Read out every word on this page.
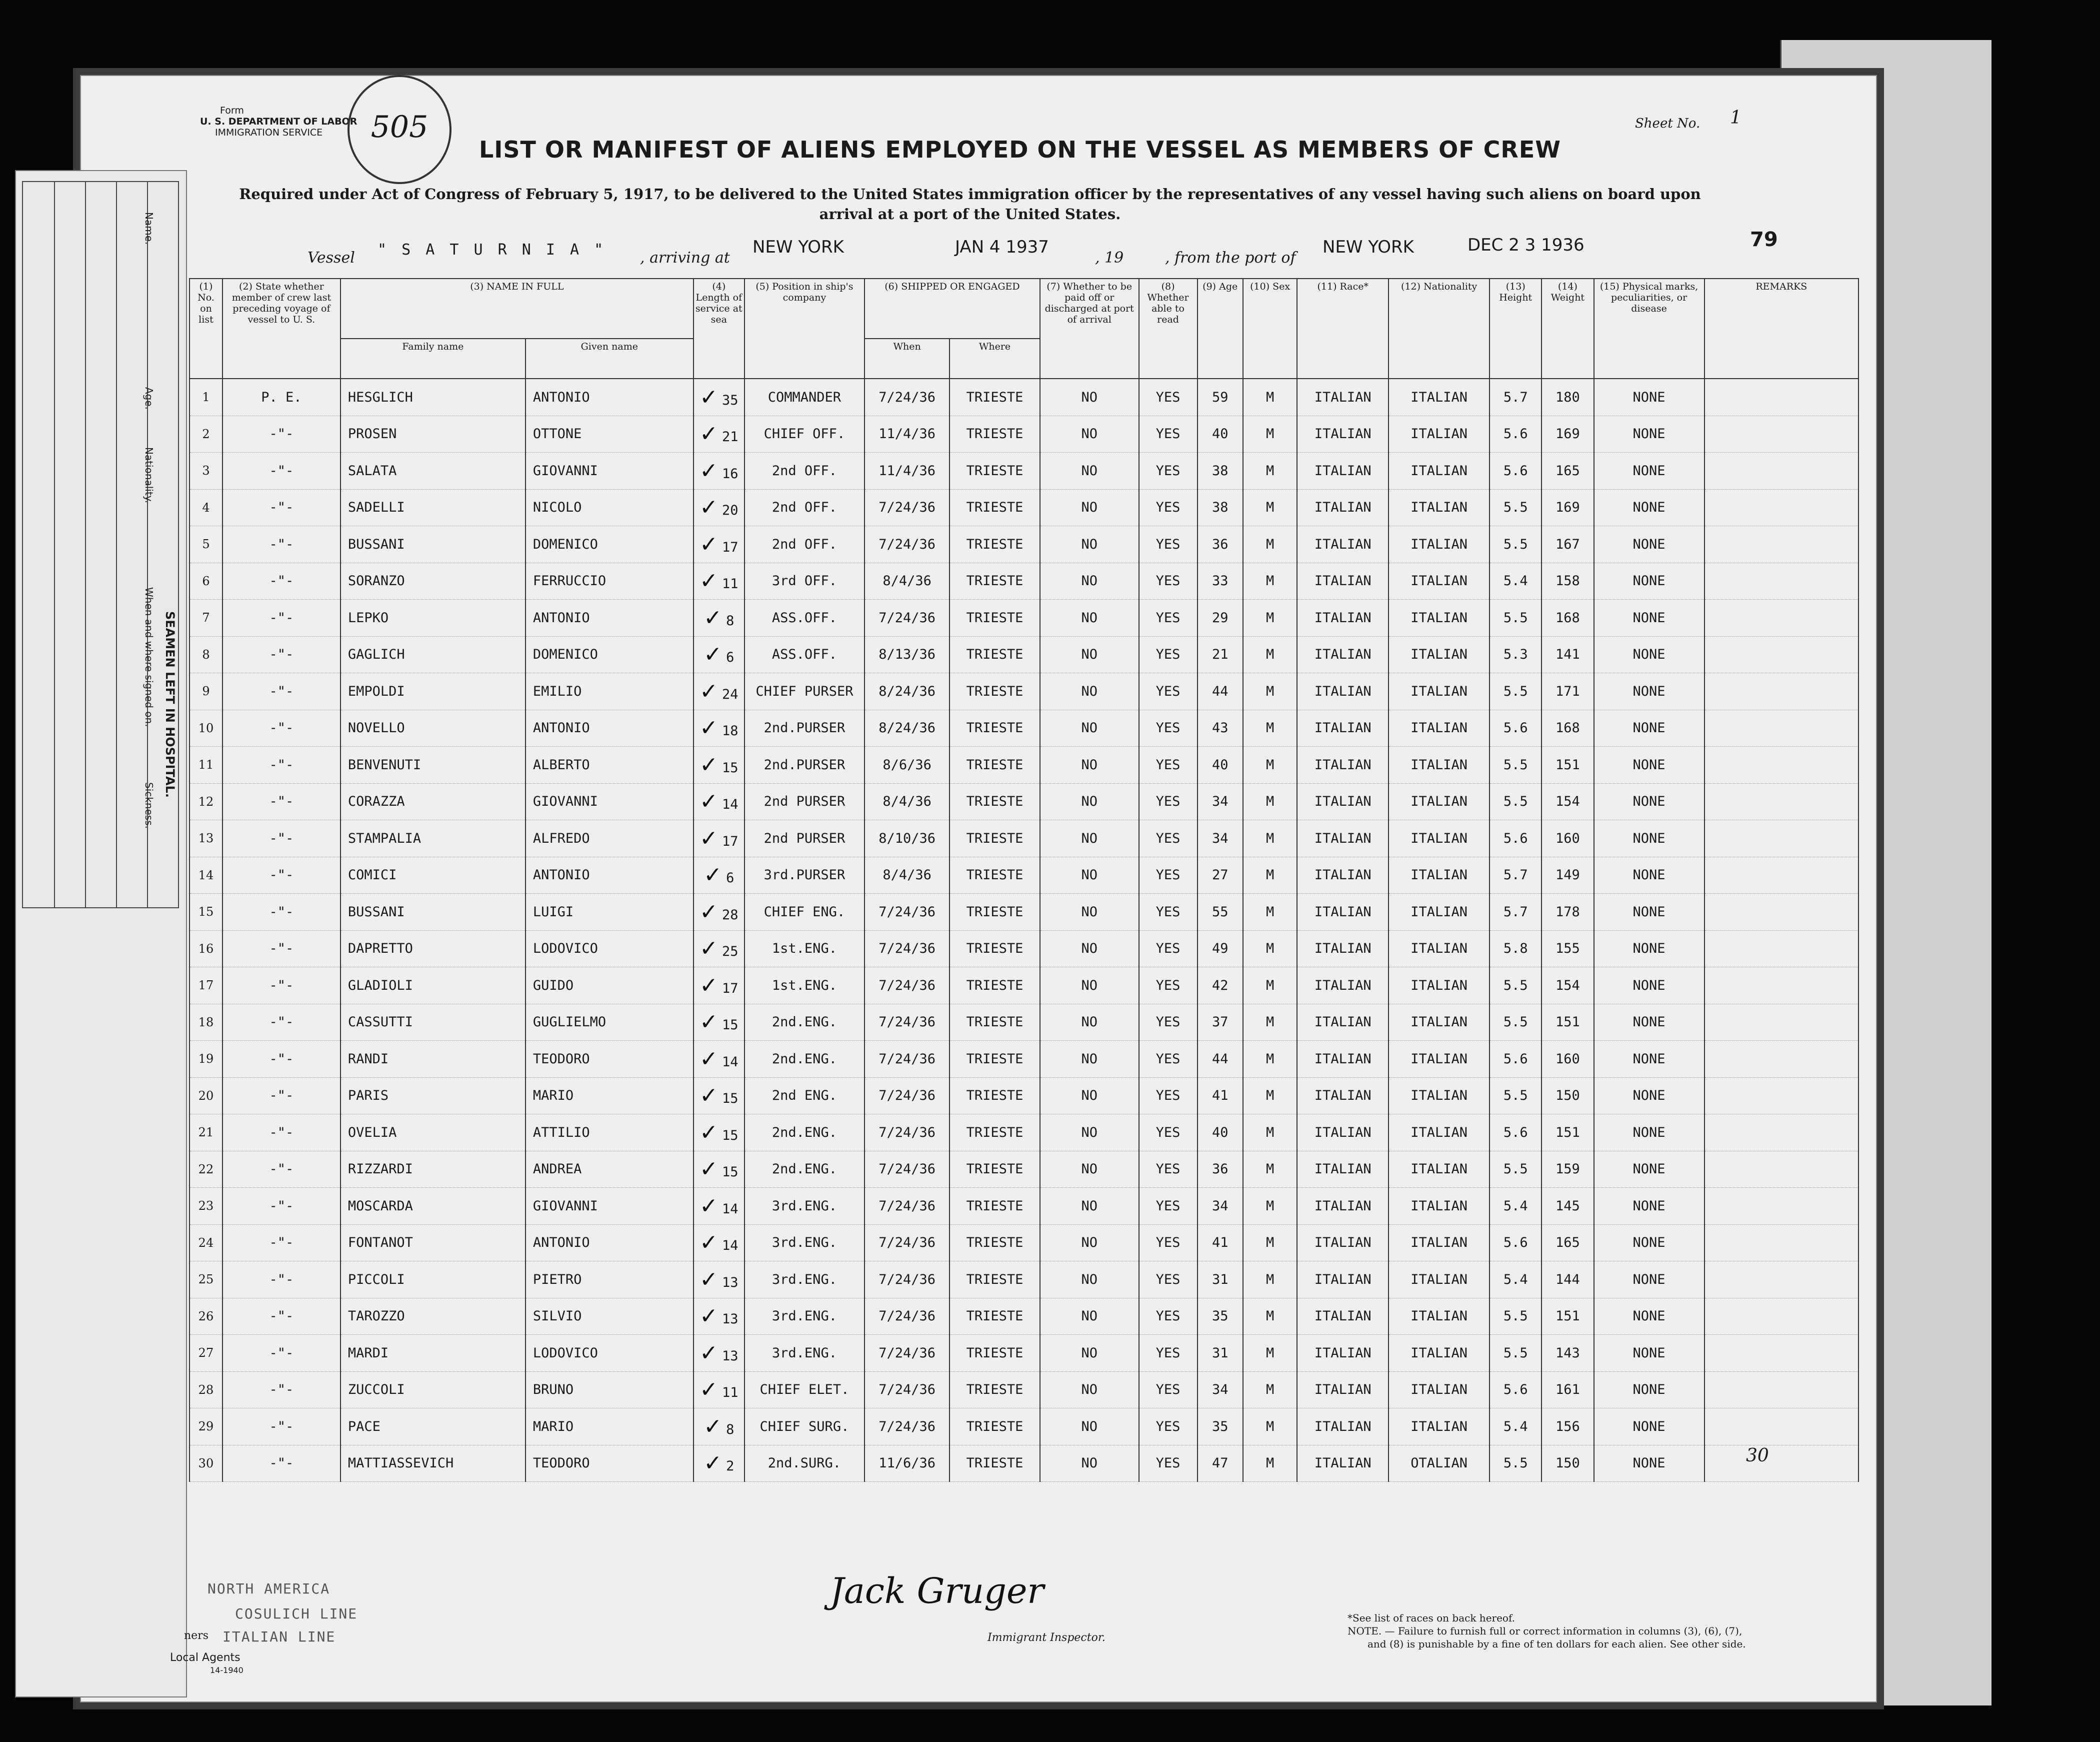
Name.
Age.
Nationality.
When and where signed on.
Sickness.
SEAMEN LEFT IN HOSPITAL.
Form
U. S. DEPARTMENT OF LABOR
IMMIGRATION SERVICE	505	Sheet No. 1
LIST OR MANIFEST OF ALIENS EMPLOYED ON THE VESSEL AS MEMBERS OF CREW
Required under Act of Congress of February 5, 1917, to be delivered to the United States immigration officer by the representatives of any vessel having such aliens on board upon
arrival at a port of the United States.
Vessel " S A T U R N I A " , arriving at
NEW YORK	JAN 4 1937
, 19	, from the port of
NEW YORK	DEC 2 3 1936	79
(1) No. on list	(2) State whether member of crew last preceding voyage of vessel to U. S.	(3) NAME IN FULL		(4) Length of service at sea	(5) Position in ship's company	(6) SHIPPED OR ENGAGED		(7) Whether to be paid off or discharged at port of arrival	(8) Whether able to read	(9) Age	(10) Sex	(11) Race*	(12) Nationality	(13) Height	(14) Weight	(15) Physical marks, peculiarities, or disease	REMARKS
		Family name	Given name			When	Where										
1	P. E.	HESGLICH	ANTONIO	✓ 35	COMMANDER	7/24/36	TRIESTE	NO	YES	59	M	ITALIAN	ITALIAN	5.7	180	NONE	
2	-"-	PROSEN	OTTONE	✓ 21	CHIEF OFF.	11/4/36	TRIESTE	NO	YES	40	M	ITALIAN	ITALIAN	5.6	169	NONE	
3	-"-	SALATA	GIOVANNI	✓ 16	2nd OFF.	11/4/36	TRIESTE	NO	YES	38	M	ITALIAN	ITALIAN	5.6	165	NONE	
4	-"-	SADELLI	NICOLO	✓ 20	2nd OFF.	7/24/36	TRIESTE	NO	YES	38	M	ITALIAN	ITALIAN	5.5	169	NONE	
5	-"-	BUSSANI	DOMENICO	✓ 17	2nd OFF.	7/24/36	TRIESTE	NO	YES	36	M	ITALIAN	ITALIAN	5.5	167	NONE	
6	-"-	SORANZO	FERRUCCIO	✓ 11	3rd OFF.	8/4/36	TRIESTE	NO	YES	33	M	ITALIAN	ITALIAN	5.4	158	NONE	
7	-"-	LEPKO	ANTONIO	✓ 8	ASS.OFF.	7/24/36	TRIESTE	NO	YES	29	M	ITALIAN	ITALIAN	5.5	168	NONE	
8	-"-	GAGLICH	DOMENICO	✓ 6	ASS.OFF.	8/13/36	TRIESTE	NO	YES	21	M	ITALIAN	ITALIAN	5.3	141	NONE	
9	-"-	EMPOLDI	EMILIO	✓ 24	CHIEF PURSER	8/24/36	TRIESTE	NO	YES	44	M	ITALIAN	ITALIAN	5.5	171	NONE	
10	-"-	NOVELLO	ANTONIO	✓ 18	2nd.PURSER	8/24/36	TRIESTE	NO	YES	43	M	ITALIAN	ITALIAN	5.6	168	NONE	
11	-"-	BENVENUTI	ALBERTO	✓ 15	2nd.PURSER	8/6/36	TRIESTE	NO	YES	40	M	ITALIAN	ITALIAN	5.5	151	NONE	
12	-"-	CORAZZA	GIOVANNI	✓ 14	2nd PURSER	8/4/36	TRIESTE	NO	YES	34	M	ITALIAN	ITALIAN	5.5	154	NONE	
13	-"-	STAMPALIA	ALFREDO	✓ 17	2nd PURSER	8/10/36	TRIESTE	NO	YES	34	M	ITALIAN	ITALIAN	5.6	160	NONE	
14	-"-	COMICI	ANTONIO	✓ 6	3rd.PURSER	8/4/36	TRIESTE	NO	YES	27	M	ITALIAN	ITALIAN	5.7	149	NONE	
15	-"-	BUSSANI	LUIGI	✓ 28	CHIEF ENG.	7/24/36	TRIESTE	NO	YES	55	M	ITALIAN	ITALIAN	5.7	178	NONE	
16	-"-	DAPRETTO	LODOVICO	✓ 25	1st.ENG.	7/24/36	TRIESTE	NO	YES	49	M	ITALIAN	ITALIAN	5.8	155	NONE	
17	-"-	GLADIOLI	GUIDO	✓ 17	1st.ENG.	7/24/36	TRIESTE	NO	YES	42	M	ITALIAN	ITALIAN	5.5	154	NONE	
18	-"-	CASSUTTI	GUGLIELMO	✓ 15	2nd.ENG.	7/24/36	TRIESTE	NO	YES	37	M	ITALIAN	ITALIAN	5.5	151	NONE	
19	-"-	RANDI	TEODORO	✓ 14	2nd.ENG.	7/24/36	TRIESTE	NO	YES	44	M	ITALIAN	ITALIAN	5.6	160	NONE	
20	-"-	PARIS	MARIO	✓ 15	2nd ENG.	7/24/36	TRIESTE	NO	YES	41	M	ITALIAN	ITALIAN	5.5	150	NONE	
21	-"-	OVELIA	ATTILIO	✓ 15	2nd.ENG.	7/24/36	TRIESTE	NO	YES	40	M	ITALIAN	ITALIAN	5.6	151	NONE	
22	-"-	RIZZARDI	ANDREA	✓ 15	2nd.ENG.	7/24/36	TRIESTE	NO	YES	36	M	ITALIAN	ITALIAN	5.5	159	NONE	
23	-"-	MOSCARDA	GIOVANNI	✓ 14	3rd.ENG.	7/24/36	TRIESTE	NO	YES	34	M	ITALIAN	ITALIAN	5.4	145	NONE	
24	-"-	FONTANOT	ANTONIO	✓ 14	3rd.ENG.	7/24/36	TRIESTE	NO	YES	41	M	ITALIAN	ITALIAN	5.6	165	NONE	
25	-"-	PICCOLI	PIETRO	✓ 13	3rd.ENG.	7/24/36	TRIESTE	NO	YES	31	M	ITALIAN	ITALIAN	5.4	144	NONE	
26	-"-	TAROZZO	SILVIO	✓ 13	3rd.ENG.	7/24/36	TRIESTE	NO	YES	35	M	ITALIAN	ITALIAN	5.5	151	NONE	
27	-"-	MARDI	LODOVICO	✓ 13	3rd.ENG.	7/24/36	TRIESTE	NO	YES	31	M	ITALIAN	ITALIAN	5.5	143	NONE	
28	-"-	ZUCCOLI	BRUNO	✓ 11	CHIEF ELET.	7/24/36	TRIESTE	NO	YES	34	M	ITALIAN	ITALIAN	5.6	161	NONE	
29	-"-	PACE	MARIO	✓ 8	CHIEF SURG.	7/24/36	TRIESTE	NO	YES	35	M	ITALIAN	ITALIAN	5.4	156	NONE	
30	-"-	MATTIASSEVICH	TEODORO	✓ 2	2nd.SURG.	11/6/36	TRIESTE	NO	YES	47	M	ITALIAN	OTALIAN	5.5	150	NONE	
NORTH AMERICA
COSULICH LINE
ITALIAN LINE
ners
Local Agents
14-1940
Jack Gruger
Immigrant Inspector.
*See list of races on back hereof.
NOTE. — Failure to furnish full or correct information in columns (3), (6), (7),
and (8) is punishable by a fine of ten dollars for each alien. See other side.
30
